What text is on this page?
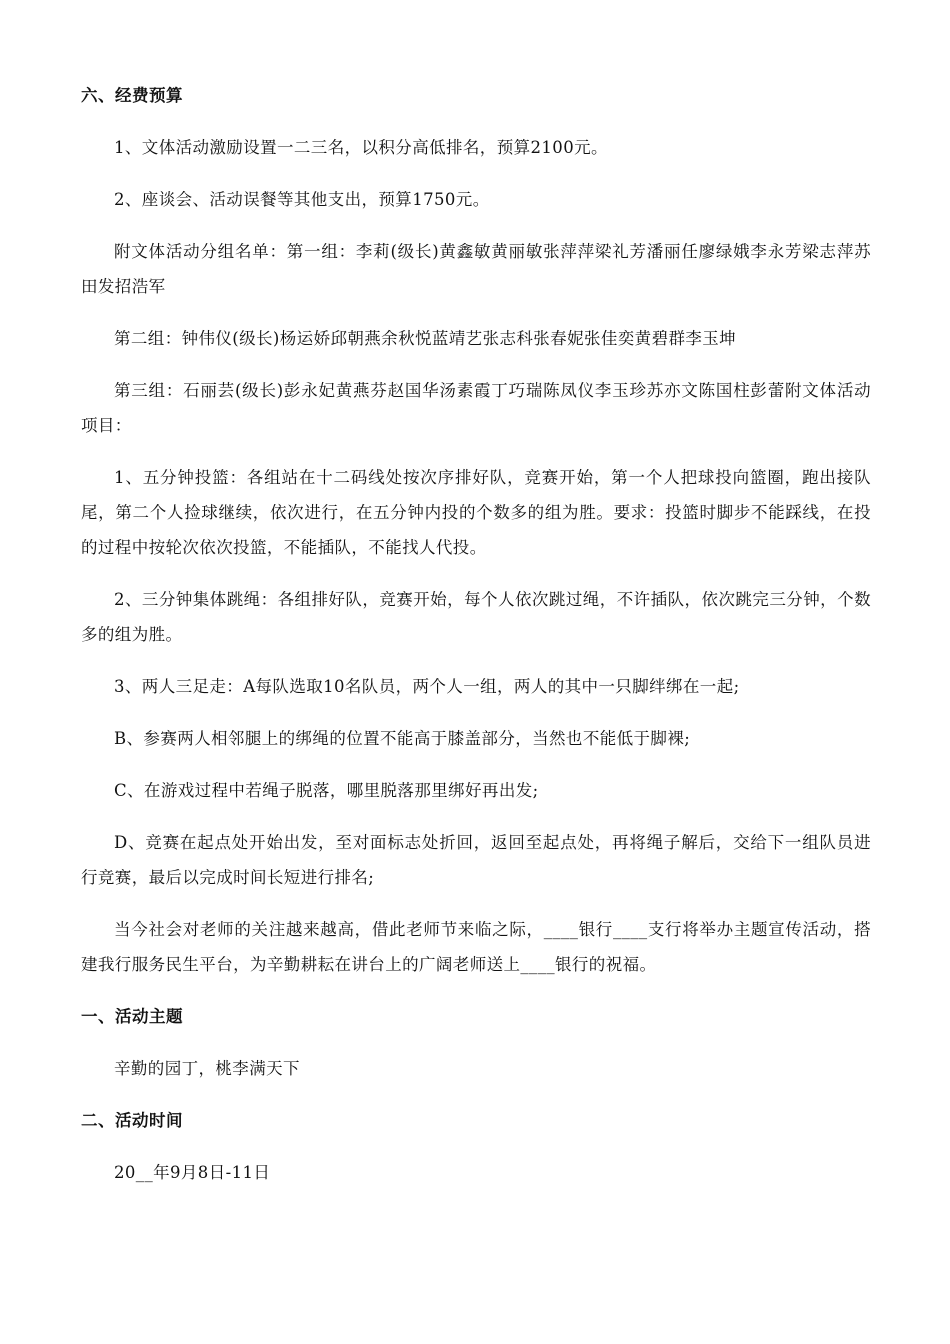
六、经费预算
1、文体活动激励设置一二三名，以积分高低排名，预算2100元。
2、座谈会、活动误餐等其他支出，预算1750元。
附文体活动分组名单：第一组：李莉(级长)黄鑫敏黄丽敏张萍萍梁礼芳潘丽任廖绿娥李永芳梁志萍苏田发招浩军
第二组：钟伟仪(级长)杨运娇邱朝燕余秋悦蓝靖艺张志科张春妮张佳奕黄碧群李玉坤
第三组：石丽芸(级长)彭永妃黄燕芬赵国华汤素霞丁巧瑞陈凤仪李玉珍苏亦文陈国柱彭蕾附文体活动项目：
1、五分钟投篮：各组站在十二码线处按次序排好队，竞赛开始，第一个人把球投向篮圈，跑出接队尾，第二个人捡球继续，依次进行，在五分钟内投的个数多的组为胜。要求：投篮时脚步不能踩线，在投的过程中按轮次依次投篮，不能插队，不能找人代投。
2、三分钟集体跳绳：各组排好队，竞赛开始，每个人依次跳过绳，不许插队，依次跳完三分钟，个数多的组为胜。
3、两人三足走：A每队选取10名队员，两个人一组，两人的其中一只脚绊绑在一起;
B、参赛两人相邻腿上的绑绳的位置不能高于膝盖部分，当然也不能低于脚裸;
C、在游戏过程中若绳子脱落，哪里脱落那里绑好再出发;
D、竞赛在起点处开始出发，至对面标志处折回，返回至起点处，再将绳子解后，交给下一组队员进行竞赛，最后以完成时间长短进行排名;
当今社会对老师的关注越来越高，借此老师节来临之际，____银行____支行将举办主题宣传活动，搭建我行服务民生平台，为辛勤耕耘在讲台上的广阔老师送上____银行的祝福。
一、活动主题
辛勤的园丁，桃李满天下
二、活动时间
20__年9月8日-11日
